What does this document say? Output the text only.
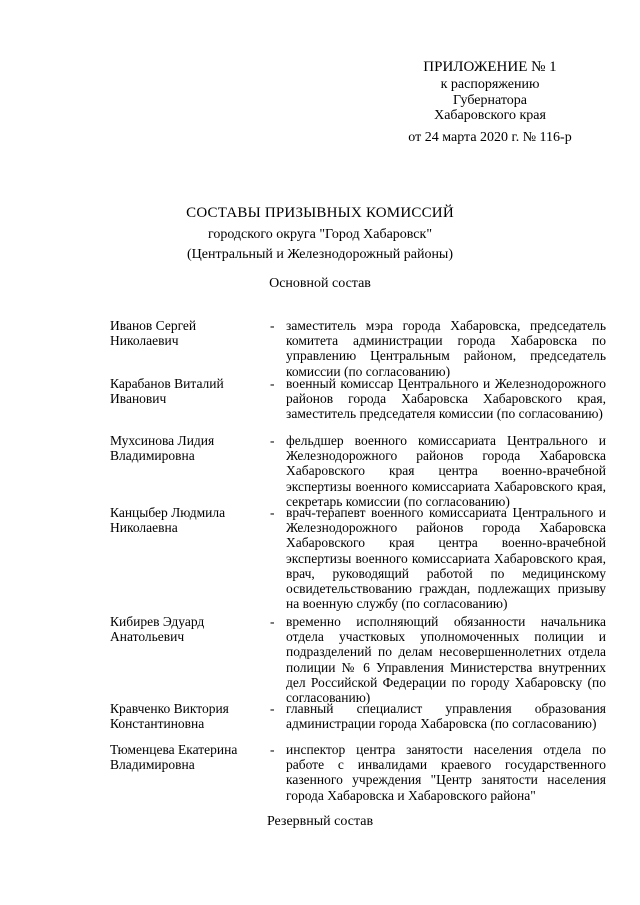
ПРИЛОЖЕНИЕ № 1
к распоряжению
Губернатора
Хабаровского края
от 24 марта 2020 г. № 116-р
СОСТАВЫ ПРИЗЫВНЫХ КОМИССИЙ
городского округа "Город Хабаровск"
(Центральный и Железнодорожный районы)
Основной состав
Иванов Сергей
Николаевич
- заместитель мэра города Хабаровска, председатель комитета администрации города Хабаровска по управлению Центральным районом, председатель комиссии (по согласованию)
Карабанов Виталий
Иванович
- военный комиссар Центрального и Железнодорожного районов города Хабаровска Хабаровского края, заместитель председателя комиссии (по согласованию)
Мухсинова Лидия
Владимировна
- фельдшер военного комиссариата Центрального и Железнодорожного районов города Хабаровска Хабаровского края центра военно-врачебной экспертизы военного комиссариата Хабаровского края, секретарь комиссии (по согласованию)
Канцыбер Людмила
Николаевна
- врач-терапевт военного комиссариата Центрального и Железнодорожного районов города Хабаровска Хабаровского края центра военно-врачебной экспертизы военного комиссариата Хабаровского края, врач, руководящий работой по медицинскому освидетельствованию граждан, подлежащих призыву на военную службу (по согласованию)
Кибирев Эдуард
Анатольевич
- временно исполняющий обязанности начальника отдела участковых уполномоченных полиции и подразделений по делам несовершеннолетних отдела полиции № 6 Управления Министерства внутренних дел Российской Федерации по городу Хабаровску (по согласованию)
Кравченко Виктория
Константиновна
- главный специалист управления образования администрации города Хабаровска (по согласованию)
Тюменцева Екатерина
Владимировна
- инспектор центра занятости населения отдела по работе с инвалидами краевого государственного казенного учреждения "Центр занятости населения города Хабаровска и Хабаровского района"
Резервный состав
